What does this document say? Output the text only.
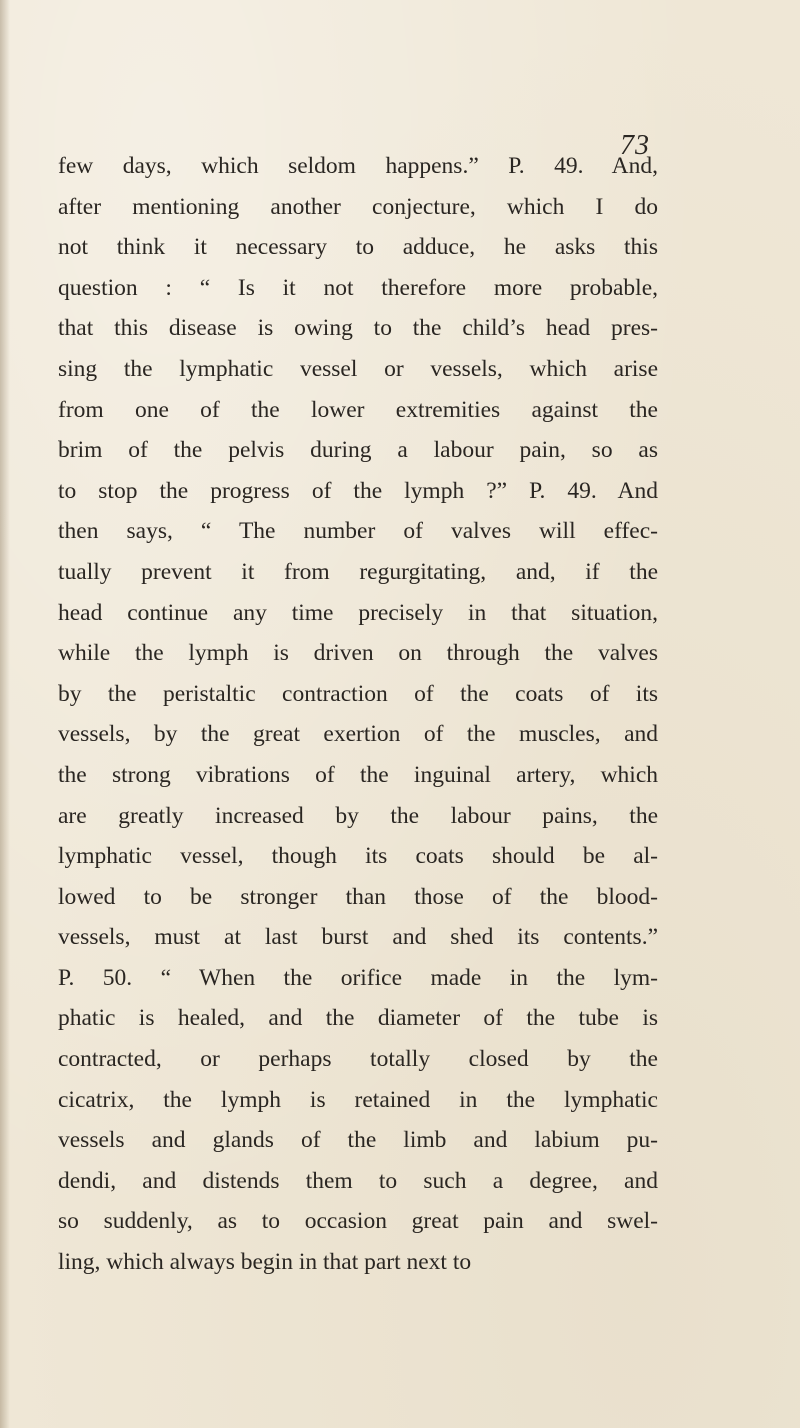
73
few days, which seldom happens.” P. 49. And,
after mentioning another conjecture, which I do
not think it necessary to adduce, he asks this
question : “ Is it not therefore more probable,
that this disease is owing to the child’s head pres-
sing the lymphatic vessel or vessels, which arise
from one of the lower extremities against the
brim of the pelvis during a labour pain, so as
to stop the progress of the lymph ?” P. 49. And
then says, “ The number of valves will effec-
tually prevent it from regurgitating, and, if the
head continue any time precisely in that situation,
while the lymph is driven on through the valves
by the peristaltic contraction of the coats of its
vessels, by the great exertion of the muscles, and
the strong vibrations of the inguinal artery, which
are greatly increased by the labour pains, the
lymphatic vessel, though its coats should be al-
lowed to be stronger than those of the blood-
vessels, must at last burst and shed its contents.”
P. 50. “ When the orifice made in the lym-
phatic is healed, and the diameter of the tube is
contracted, or perhaps totally closed by the
cicatrix, the lymph is retained in the lymphatic
vessels and glands of the limb and labium pu-
dendi, and distends them to such a degree, and
so suddenly, as to occasion great pain and swel-
ling, which always begin in that part next to
